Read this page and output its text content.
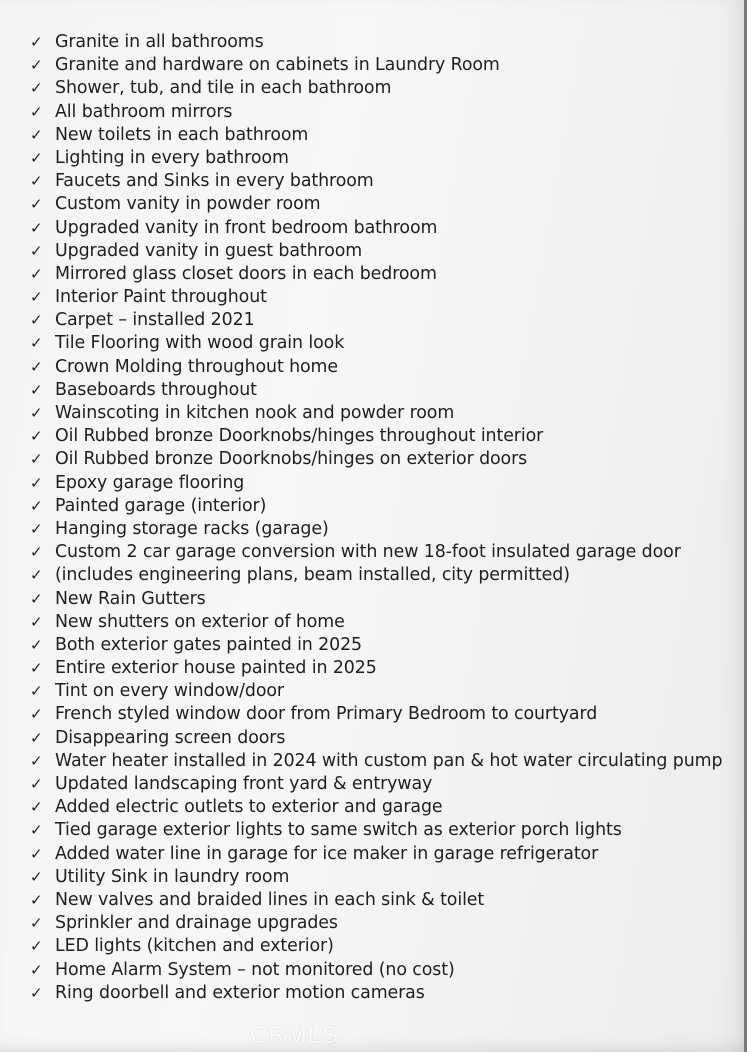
✓ Granite in all bathrooms
✓ Granite and hardware on cabinets in Laundry Room
✓ Shower, tub, and tile in each bathroom
✓ All bathroom mirrors
✓ New toilets in each bathroom
✓ Lighting in every bathroom
✓ Faucets and Sinks in every bathroom
✓ Custom vanity in powder room
✓ Upgraded vanity in front bedroom bathroom
✓ Upgraded vanity in guest bathroom
✓ Mirrored glass closet doors in each bedroom
✓ Interior Paint throughout
✓ Carpet – installed 2021
✓ Tile Flooring with wood grain look
✓ Crown Molding throughout home
✓ Baseboards throughout
✓ Wainscoting in kitchen nook and powder room
✓ Oil Rubbed bronze Doorknobs/hinges throughout interior
✓ Oil Rubbed bronze Doorknobs/hinges on exterior doors
✓ Epoxy garage flooring
✓ Painted garage (interior)
✓ Hanging storage racks (garage)
✓ Custom 2 car garage conversion with new 18-foot insulated garage door
✓ (includes engineering plans, beam installed, city permitted)
✓ New Rain Gutters
✓ New shutters on exterior of home
✓ Both exterior gates painted in 2025
✓ Entire exterior house painted in 2025
✓ Tint on every window/door
✓ French styled window door from Primary Bedroom to courtyard
✓ Disappearing screen doors
✓ Water heater installed in 2024 with custom pan & hot water circulating pump
✓ Updated landscaping front yard & entryway
✓ Added electric outlets to exterior and garage
✓ Tied garage exterior lights to same switch as exterior porch lights
✓ Added water line in garage for ice maker in garage refrigerator
✓ Utility Sink in laundry room
✓ New valves and braided lines in each sink & toilet
✓ Sprinkler and drainage upgrades
✓ LED lights (kitchen and exterior)
✓ Home Alarm System – not monitored (no cost)
✓ Ring doorbell and exterior motion cameras
CRMLS
